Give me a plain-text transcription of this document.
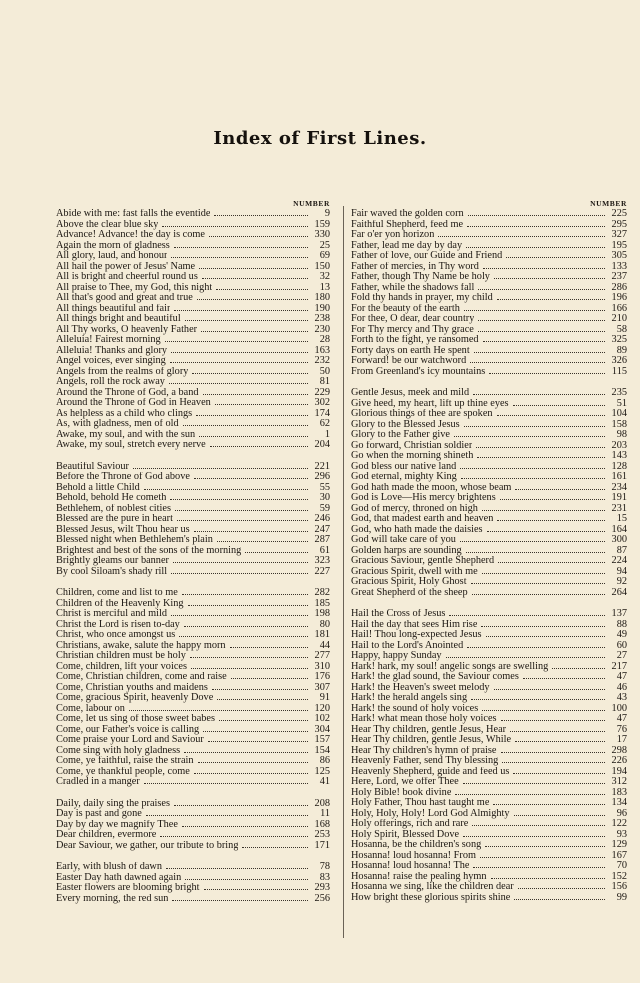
Index of First Lines.
NUMBER
Abide with me: fast falls the eventide	9
Above the clear blue sky	159
Advance! Advance! the day is come	330
Again the morn of gladness	25
All glory, laud, and honour	69
All hail the power of Jesus' Name	150
All is bright and cheerful round us	32
All praise to Thee, my God, this night	13
All that's good and great and true	180
All things beautiful and fair	190
All things bright and beautiful	238
All Thy works, O heavenly Father	230
Alleluia! Fairest morning	28
Alleluia! Thanks and glory	163
Angel voices, ever singing	232
Angels from the realms of glory	50
Angels, roll the rock away	81
Around the Throne of God, a band	229
Around the Throne of God in Heaven	302
As helpless as a child who clings	174
As, with gladness, men of old	62
Awake, my soul, and with the sun	1
Awake, my soul, stretch every nerve	204
Beautiful Saviour	221
Before the Throne of God above	296
Behold a little Child	55
Behold, behold He cometh	30
Bethlehem, of noblest cities	59
Blessed are the pure in heart	246
Blessed Jesus, wilt Thou hear us	247
Blessed night when Bethlehem's plain	287
Brightest and best of the sons of the morning	61
Brightly gleams our banner	323
By cool Siloam's shady rill	227
Children, come and list to me	282
Children of the Heavenly King	185
Christ is merciful and mild	198
Christ the Lord is risen to-day	80
Christ, who once amongst us	181
Christians, awake, salute the happy morn	44
Christian children must be holy	277
Come, children, lift your voices	310
Come, Christian children, come and raise	176
Come, Christian youths and maidens	307
Come, gracious Spirit, heavenly Dove	91
Come, labour on	120
Come, let us sing of those sweet babes	102
Come, our Father's voice is calling	304
Come praise your Lord and Saviour	157
Come sing with holy gladness	154
Come, ye faithful, raise the strain	86
Come, ye thankful people, come	125
Cradled in a manger	41
Daily, daily sing the praises	208
Day is past and gone	11
Day by day we magnify Thee	168
Dear children, evermore	253
Dear Saviour, we gather, our tribute to bring	171
Early, with blush of dawn	78
Easter Day hath dawned again	83
Easter flowers are blooming bright	293
Every morning, the red sun	256
NUMBER
Fair waved the golden corn	225
Faithful Shepherd, feed me	295
Far o'er yon horizon	327
Father, lead me day by day	195
Father of love, our Guide and Friend	305
Father of mercies, in Thy word	133
Father, though Thy Name be holy	237
Father, while the shadows fall	286
Fold thy hands in prayer, my child	196
For the beauty of the earth	166
For thee, O dear, dear country	210
For Thy mercy and Thy grace	58
Forth to the fight, ye ransomed	325
Forty days on earth He spent	89
Forward! be our watchword	326
From Greenland's icy mountains	115
Gentle Jesus, meek and mild	235
Give heed, my heart, lift up thine eyes	51
Glorious things of thee are spoken	104
Glory to the Blessed Jesus	158
Glory to the Father give	98
Go forward, Christian soldier	203
Go when the morning shineth	143
God bless our native land	128
God eternal, mighty King	161
God hath made the moon, whose beam	234
God is Love—His mercy brightens	191
God of mercy, throned on high	231
God, that madest earth and heaven	15
God, who hath made the daisies	164
God will take care of you	300
Golden harps are sounding	87
Gracious Saviour, gentle Shepherd	224
Gracious Spirit, dwell with me	94
Gracious Spirit, Holy Ghost	92
Great Shepherd of the sheep	264
Hail the Cross of Jesus	137
Hail the day that sees Him rise	88
Hail! Thou long-expected Jesus	49
Hail to the Lord's Anointed	60
Happy, happy Sunday	27
Hark! hark, my soul! angelic songs are swelling	217
Hark! the glad sound, the Saviour comes	47
Hark! the Heaven's sweet melody	46
Hark! the herald angels sing	43
Hark! the sound of holy voices	100
Hark! what mean those holy voices	47
Hear Thy children, gentle Jesus, Hear	76
Hear Thy children, gentle Jesus, While	17
Hear Thy children's hymn of praise	298
Heavenly Father, send Thy blessing	226
Heavenly Shepherd, guide and feed us	194
Here, Lord, we offer Thee	312
Holy Bible! book divine	183
Holy Father, Thou hast taught me	134
Holy, Holy, Holy! Lord God Almighty	96
Holy offerings, rich and rare	122
Holy Spirit, Blessed Dove	93
Hosanna, be the children's song	129
Hosanna! loud hosanna! From	167
Hosanna! loud hosanna! The	70
Hosanna! raise the pealing hymn	152
Hosanna we sing, like the children dear	156
How bright these glorious spirits shine	99
